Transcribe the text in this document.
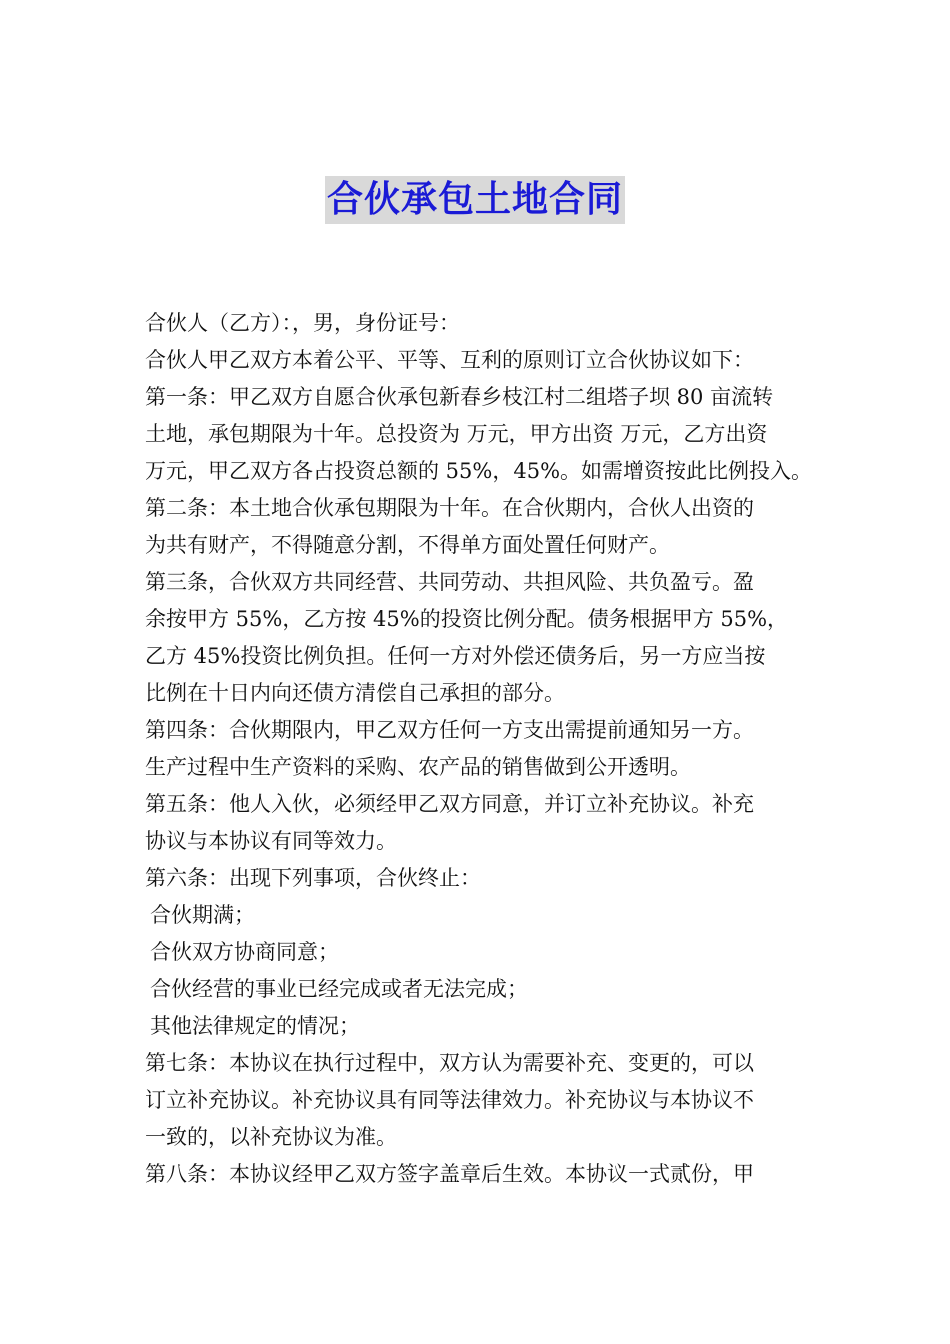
合伙承包土地合同
合伙人（乙方）：，男，身份证号：
合伙人甲乙双方本着公平、平等、互利的原则订立合伙协议如下：
第一条：甲乙双方自愿合伙承包新春乡枝江村二组塔子坝 80 亩流转
土地，承包期限为十年。总投资为 万元，甲方出资 万元，乙方出资
万元，甲乙双方各占投资总额的 55%，45%。如需增资按此比例投入。
第二条：本土地合伙承包期限为十年。在合伙期内，合伙人出资的
为共有财产，不得随意分割，不得单方面处置任何财产。
第三条，合伙双方共同经营、共同劳动、共担风险、共负盈亏。盈
余按甲方 55%，乙方按 45%的投资比例分配。债务根据甲方 55%，
乙方 45%投资比例负担。任何一方对外偿还债务后，另一方应当按
比例在十日内向还债方清偿自己承担的部分。
第四条：合伙期限内，甲乙双方任何一方支出需提前通知另一方。
生产过程中生产资料的采购、农产品的销售做到公开透明。
第五条：他人入伙，必须经甲乙双方同意，并订立补充协议。补充
协议与本协议有同等效力。
第六条：出现下列事项，合伙终止：
合伙期满；
合伙双方协商同意；
合伙经营的事业已经完成或者无法完成；
其他法律规定的情况；
第七条：本协议在执行过程中，双方认为需要补充、变更的，可以
订立补充协议。补充协议具有同等法律效力。补充协议与本协议不
一致的，以补充协议为准。
第八条：本协议经甲乙双方签字盖章后生效。本协议一式贰份，甲
